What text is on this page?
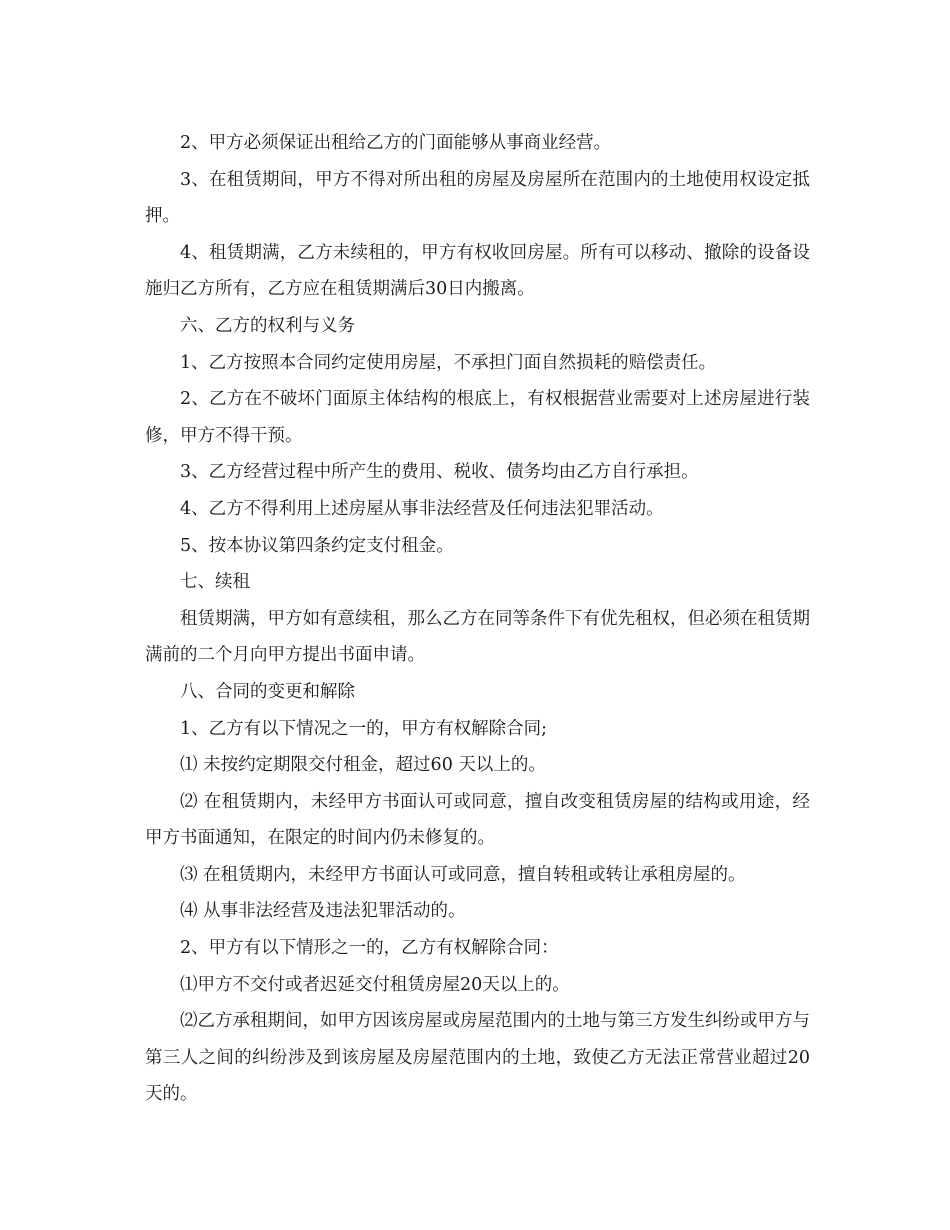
2、甲方必须保证出租给乙方的门面能够从事商业经营。

3、在租赁期间，甲方不得对所出租的房屋及房屋所在范围内的土地使用权设定抵押。

4、租赁期满，乙方未续租的，甲方有权收回房屋。所有可以移动、撤除的设备设施归乙方所有，乙方应在租赁期满后30日内搬离。

六、乙方的权利与义务

1、乙方按照本合同约定使用房屋，不承担门面自然损耗的赔偿责任。

2、乙方在不破坏门面原主体结构的根底上，有权根据营业需要对上述房屋进行装修，甲方不得干预。

3、乙方经营过程中所产生的费用、税收、债务均由乙方自行承担。

4、乙方不得利用上述房屋从事非法经营及任何违法犯罪活动。

5、按本协议第四条约定支付租金。

七、续租

租赁期满，甲方如有意续租，那么乙方在同等条件下有优先租权，但必须在租赁期满前的二个月向甲方提出书面申请。

八、合同的变更和解除

1、乙方有以下情况之一的，甲方有权解除合同;

⑴ 未按约定期限交付租金，超过60 天以上的。

⑵ 在租赁期内，未经甲方书面认可或同意，擅自改变租赁房屋的结构或用途，经甲方书面通知，在限定的时间内仍未修复的。

⑶ 在租赁期内，未经甲方书面认可或同意，擅自转租或转让承租房屋的。

⑷ 从事非法经营及违法犯罪活动的。

2、甲方有以下情形之一的，乙方有权解除合同：

⑴甲方不交付或者迟延交付租赁房屋20天以上的。

⑵乙方承租期间，如甲方因该房屋或房屋范围内的土地与第三方发生纠纷或甲方与第三人之间的纠纷涉及到该房屋及房屋范围内的土地，致使乙方无法正常营业超过20天的。
